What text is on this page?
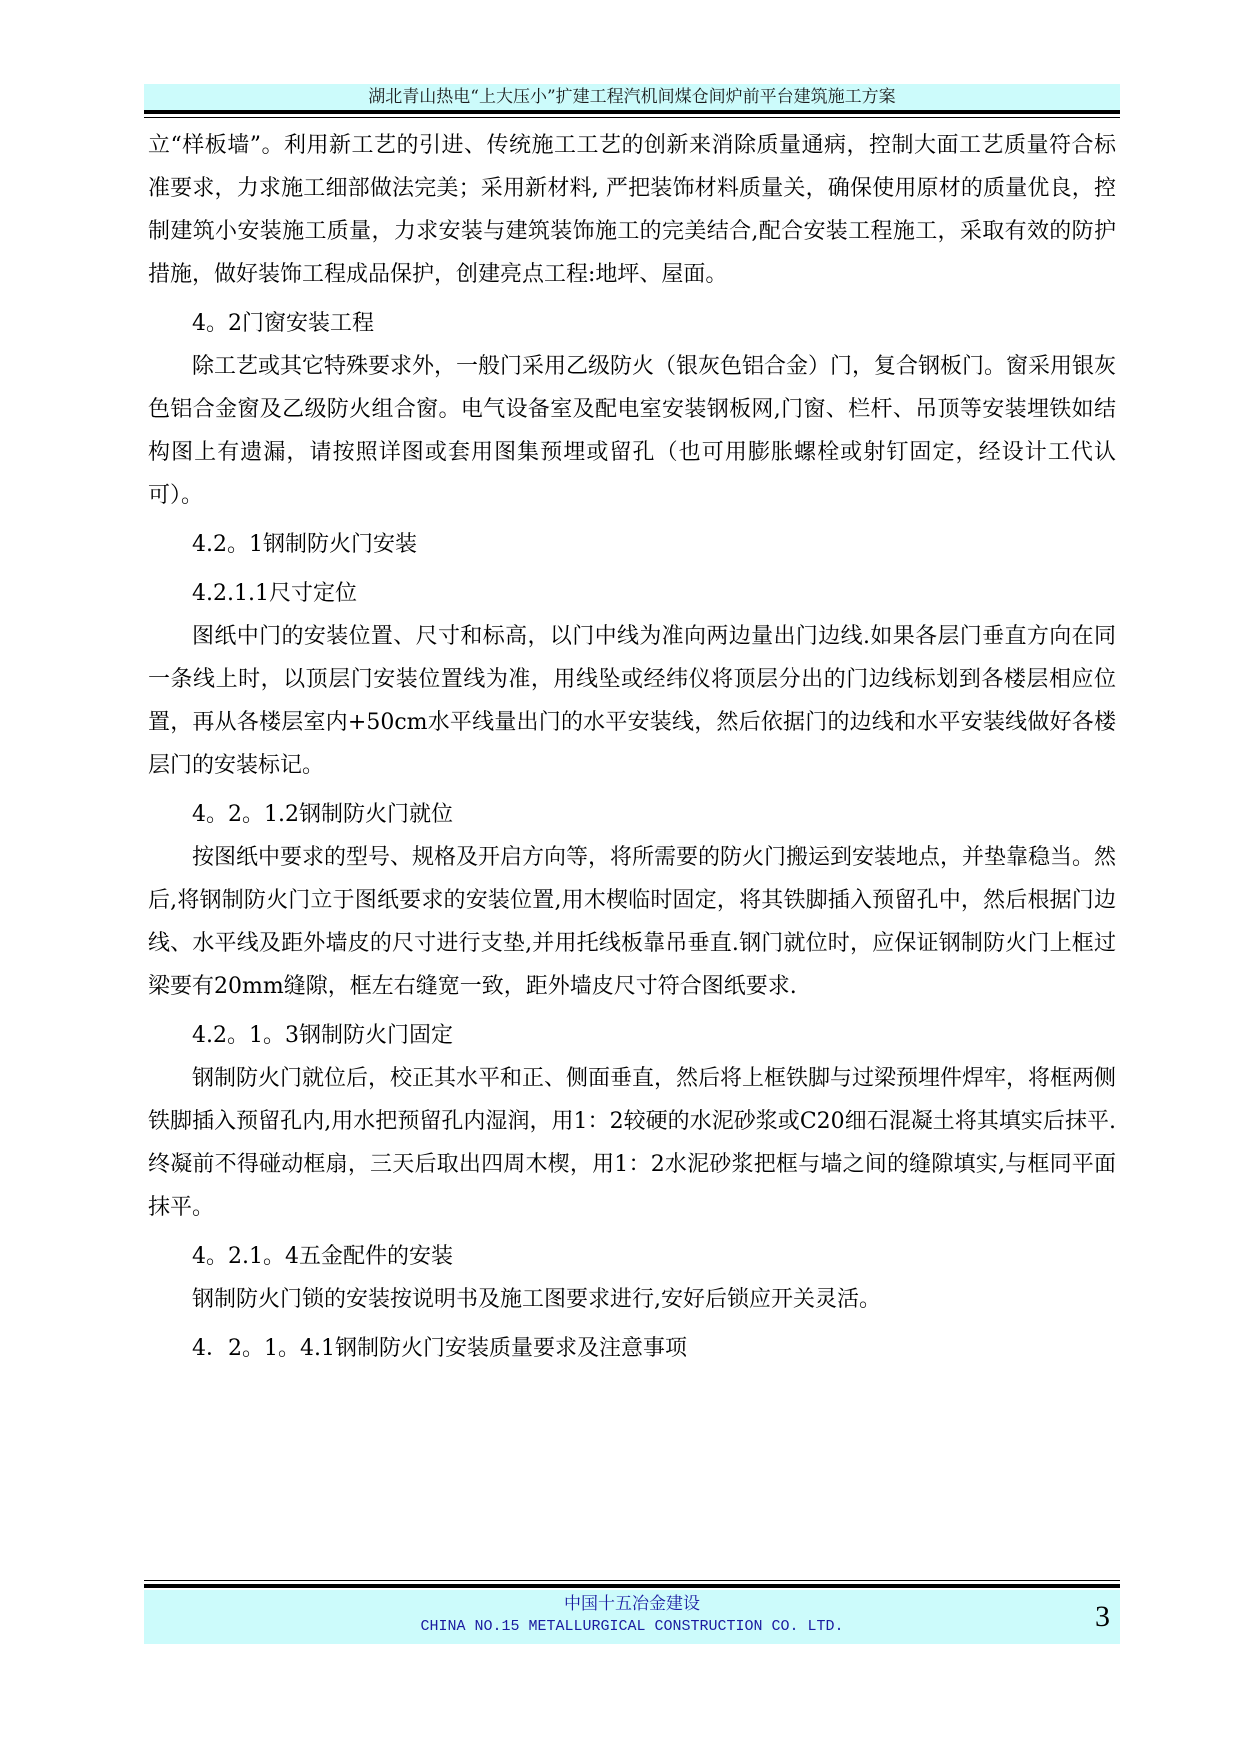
湖北青山热电“上大压小”扩建工程汽机间煤仓间炉前平台建筑施工方案

立“样板墙”。利用新工艺的引进、传统施工工艺的创新来消除质量通病，控制大面工艺质量符合标准要求，力求施工细部做法完美；采用新材料, 严把装饰材料质量关，确保使用原材的质量优良，控制建筑小安装施工质量，力求安装与建筑装饰施工的完美结合,配合安装工程施工，采取有效的防护措施，做好装饰工程成品保护，创建亮点工程:地坪、屋面。

4。2门窗安装工程

除工艺或其它特殊要求外，一般门采用乙级防火（银灰色铝合金）门，复合钢板门。窗采用银灰色铝合金窗及乙级防火组合窗。电气设备室及配电室安装钢板网,门窗、栏杆、吊顶等安装埋铁如结构图上有遗漏，请按照详图或套用图集预埋或留孔（也可用膨胀螺栓或射钉固定，经设计工代认可）。

4.2。1钢制防火门安装

4.2.1.1尺寸定位

图纸中门的安装位置、尺寸和标高，以门中线为准向两边量出门边线.如果各层门垂直方向在同一条线上时，以顶层门安装位置线为准，用线坠或经纬仪将顶层分出的门边线标划到各楼层相应位置，再从各楼层室内+50cm水平线量出门的水平安装线，然后依据门的边线和水平安装线做好各楼层门的安装标记。

4。2。1.2钢制防火门就位

按图纸中要求的型号、规格及开启方向等，将所需要的防火门搬运到安装地点，并垫靠稳当。然后,将钢制防火门立于图纸要求的安装位置,用木楔临时固定，将其铁脚插入预留孔中，然后根据门边线、水平线及距外墙皮的尺寸进行支垫,并用托线板靠吊垂直.钢门就位时，应保证钢制防火门上框过梁要有20mm缝隙，框左右缝宽一致，距外墙皮尺寸符合图纸要求.

4.2。1。3钢制防火门固定

钢制防火门就位后，校正其水平和正、侧面垂直，然后将上框铁脚与过梁预埋件焊牢，将框两侧铁脚插入预留孔内,用水把预留孔内湿润，用1：2较硬的水泥砂浆或C20细石混凝土将其填实后抹平.终凝前不得碰动框扇，三天后取出四周木楔，用1：2水泥砂浆把框与墙之间的缝隙填实,与框同平面抹平。

4。2.1。4五金配件的安装

钢制防火门锁的安装按说明书及施工图要求进行,安好后锁应开关灵活。

4．2。1。4.1钢制防火门安装质量要求及注意事项

中国十五冶金建设
CHINA NO.15 METALLURGICAL CONSTRUCTION CO. LTD.	3
